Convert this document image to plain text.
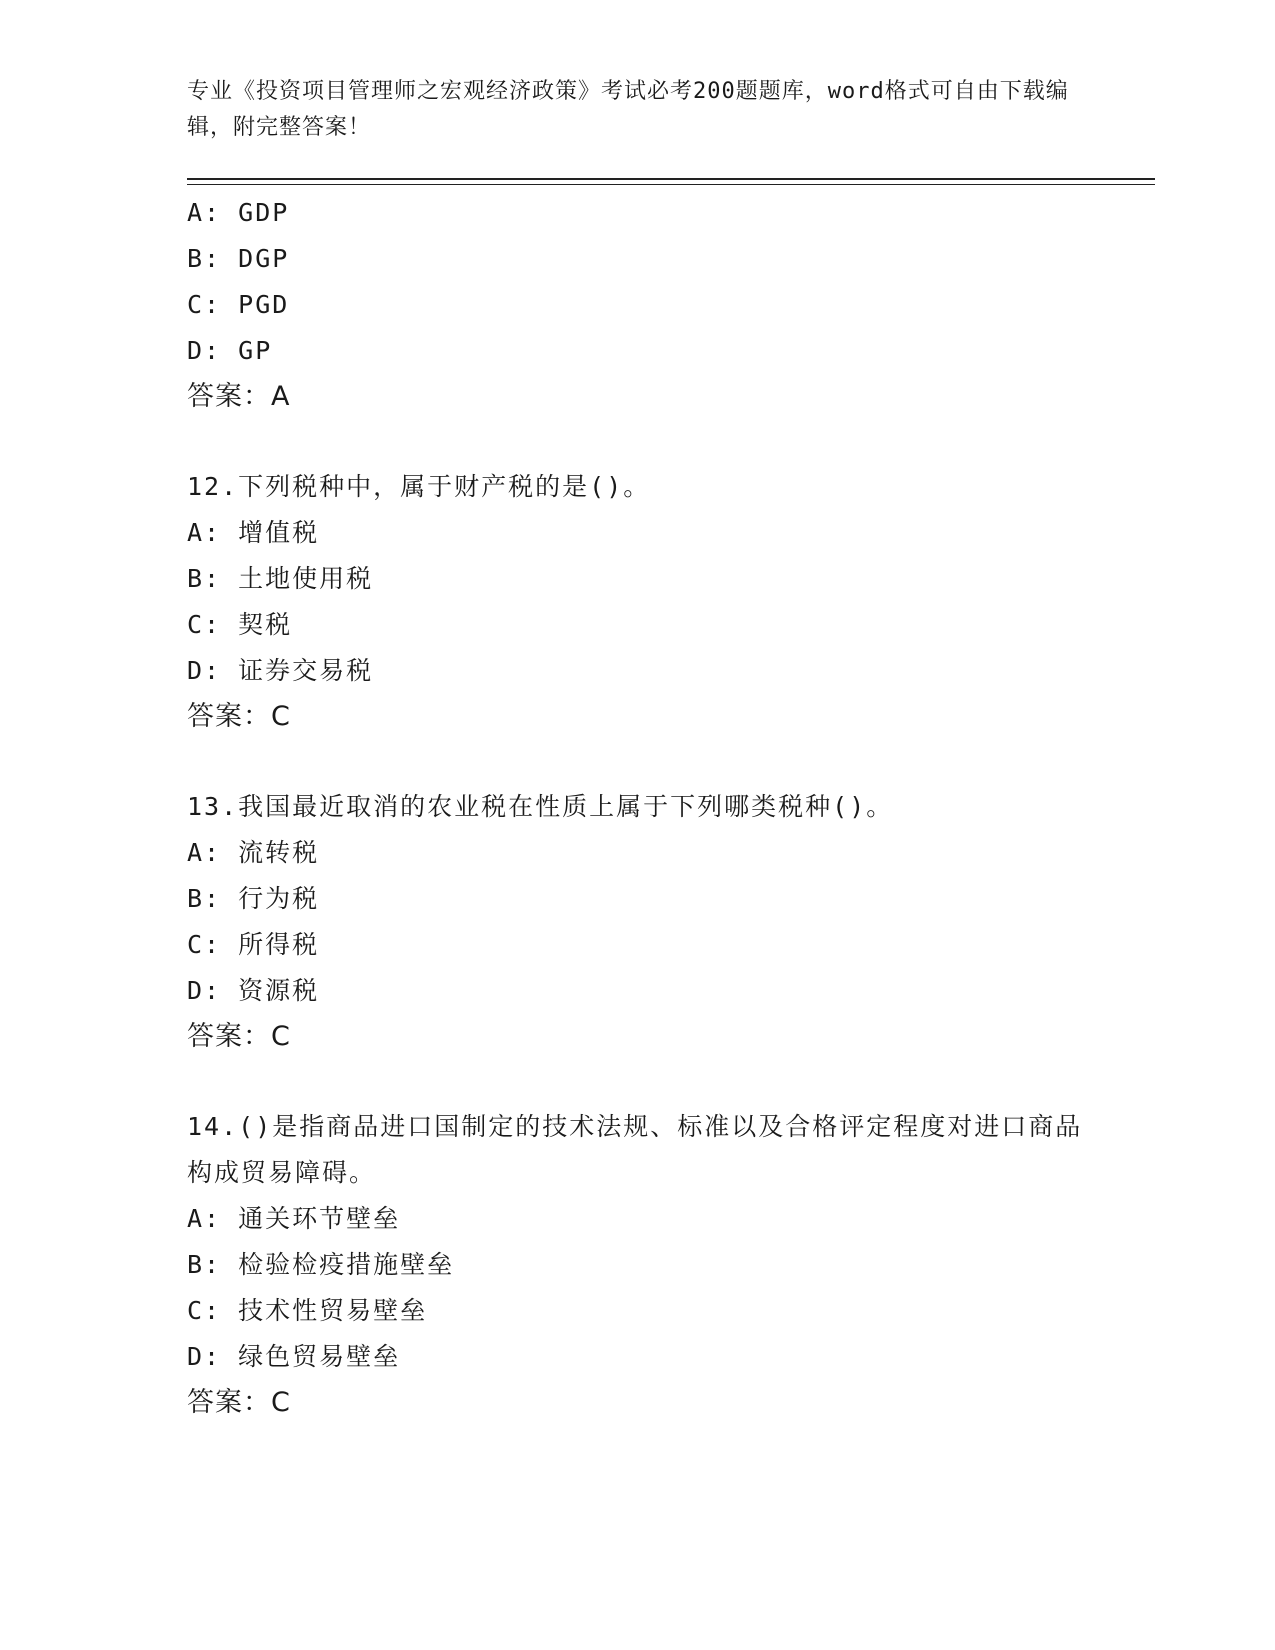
专业《投资项目管理师之宏观经济政策》考试必考200题题库，word格式可自由下载编辑，附完整答案！
A: GDP
B: DGP
C: PGD
D: GP
答案：A
12.下列税种中，属于财产税的是()。
A: 增值税
B: 土地使用税
C: 契税
D: 证券交易税
答案：C
13.我国最近取消的农业税在性质上属于下列哪类税种()。
A: 流转税
B: 行为税
C: 所得税
D: 资源税
答案：C
14.()是指商品进口国制定的技术法规、标准以及合格评定程度对进口商品构成贸易障碍。
A: 通关环节壁垒
B: 检验检疫措施壁垒
C: 技术性贸易壁垒
D: 绿色贸易壁垒
答案：C
